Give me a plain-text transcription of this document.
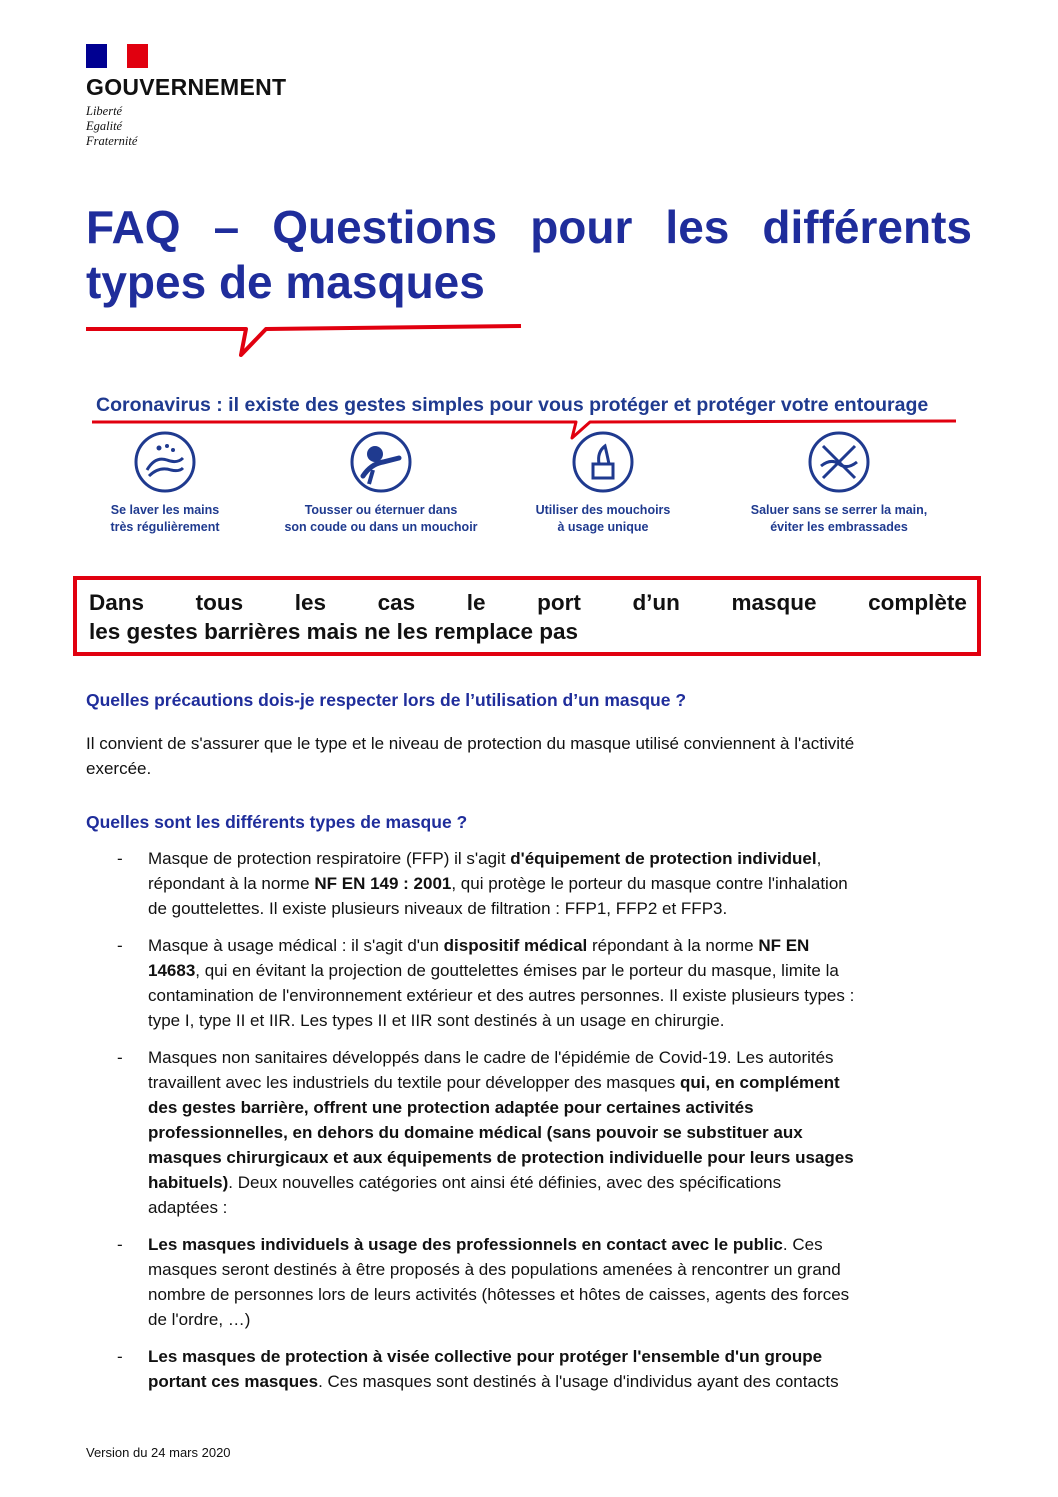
GOUVERNEMENT
Liberté
Egalité
Fraternité
FAQ – Questions pour les différents
types de masques
Coronavirus : il existe des gestes simples pour vous protéger et protéger votre entourage
Se laver les mains
très régulièrement
Tousser ou éternuer dans
son coude ou dans un mouchoir
Utiliser des mouchoirs
à usage unique
Saluer sans se serrer la main,
éviter les embrassades
Dans tous les cas le port d’un masque complète
les gestes barrières mais ne les remplace pas
Quelles précautions dois-je respecter lors de l’utilisation d’un masque ?
Il convient de s'assurer que le type et le niveau de protection du masque utilisé conviennent à l'activité
exercée.
Quelles sont les différents types de masque ?
- Masque de protection respiratoire (FFP) il s'agit d'équipement de protection individuel,
répondant à la norme NF EN 149 : 2001, qui protège le porteur du masque contre l'inhalation
de gouttelettes. Il existe plusieurs niveaux de filtration : FFP1, FFP2 et FFP3.
- Masque à usage médical : il s'agit d'un dispositif médical répondant à la norme NF EN
14683, qui en évitant la projection de gouttelettes émises par le porteur du masque, limite la
contamination de l'environnement extérieur et des autres personnes. Il existe plusieurs types :
type I, type II et IIR. Les types II et IIR sont destinés à un usage en chirurgie.
- Masques non sanitaires développés dans le cadre de l'épidémie de Covid-19. Les autorités
travaillent avec les industriels du textile pour développer des masques qui, en complément
des gestes barrière, offrent une protection adaptée pour certaines activités
professionnelles, en dehors du domaine médical (sans pouvoir se substituer aux
masques chirurgicaux et aux équipements de protection individuelle pour leurs usages
habituels). Deux nouvelles catégories ont ainsi été définies, avec des spécifications
adaptées :
- Les masques individuels à usage des professionnels en contact avec le public. Ces
masques seront destinés à être proposés à des populations amenées à rencontrer un grand
nombre de personnes lors de leurs activités (hôtesses et hôtes de caisses, agents des forces
de l'ordre, …)
- Les masques de protection à visée collective pour protéger l'ensemble d'un groupe
portant ces masques. Ces masques sont destinés à l'usage d'individus ayant des contacts
Version du 24 mars 2020
